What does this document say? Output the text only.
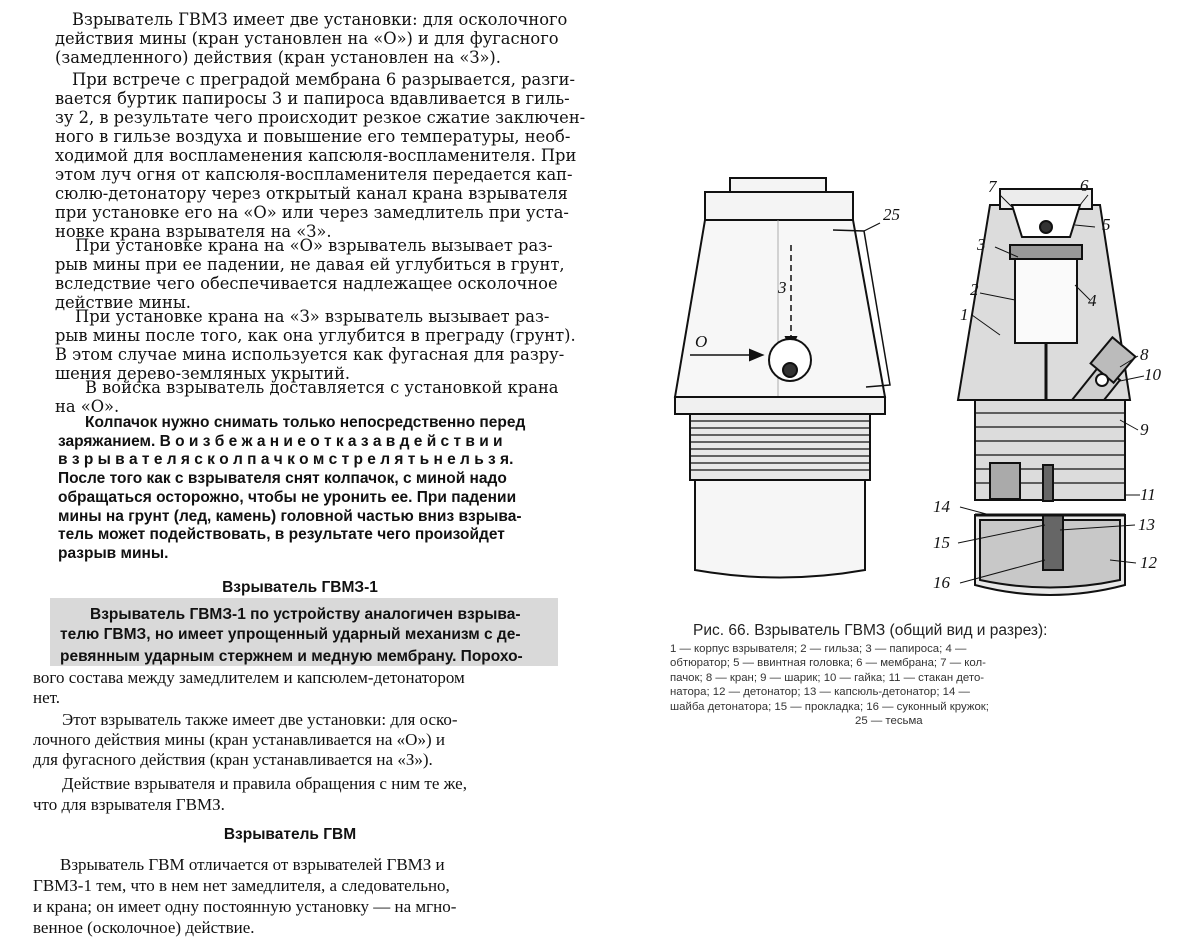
Взрыватель ГВМЗ имеет две установки: для осколочного
действия мины (кран установлен на «О») и для фугасного
(замедленного) действия (кран установлен на «З»).
При встрече с преградой мембрана 6 разрывается, разги-
вается буртик папиросы 3 и папироса вдавливается в гиль-
зу 2, в результате чего происходит резкое сжатие заключен-
ного в гильзе воздуха и повышение его температуры, необ-
ходимой для воспламенения капсюля-воспламенителя. При
этом луч огня от капсюля-воспламенителя передается кап-
сюлю-детонатору через открытый канал крана взрывателя
при установке его на «О» или через замедлитель при уста-
новке крана взрывателя на «З».
При установке крана на «О» взрыватель вызывает раз-
рыв мины при ее падении, не давая ей углубиться в грунт,
вследствие чего обеспечивается надлежащее осколочное
действие мины.
При установке крана на «З» взрыватель вызывает раз-
рыв мины после того, как она углубится в преграду (грунт).
В этом случае мина используется как фугасная для разру-
шения дерево-земляных укрытий.
В войска взрыватель доставляется с установкой крана
на «О».
Колпачок нужно снимать только непосредственно перед
заряжанием. В о и з б е ж а н и е о т к а з а в д е й с т в и и
в з р ы в а т е л я с к о л п а ч к о м с т р е л я т ь н е л ь з я.
После того как с взрывателя снят колпачок, с миной надо
обращаться осторожно, чтобы не уронить ее. При падении
мины на грунт (лед, камень) головной частью вниз взрыва-
тель может подействовать, в результате чего произойдет
разрыв мины.
Взрыватель ГВМЗ-1
Взрыватель ГВМЗ-1 по устройству аналогичен взрыва-
телю ГВМЗ, но имеет упрощенный ударный механизм с де-
ревянным ударным стержнем и медную мембрану. Порохо-
вого состава между замедлителем и капсюлем-детонатором
нет.
Этот взрыватель также имеет две установки: для оско-
лочного действия мины (кран устанавливается на «О») и
для фугасного действия (кран устанавливается на «З»).
Действие взрывателя и правила обращения с ним те же,
что для взрывателя ГВМЗ.
Взрыватель ГВМ
Взрыватель ГВМ отличается от взрывателей ГВМЗ и
ГВМЗ-1 тем, что в нем нет замедлителя, а следовательно,
и крана; он имеет одну постоянную установку — на мгно-
венное (осколочное) действие.
25
3
О
7	6
5
3
4
2
1
8
10
9
11
14
13
15
12
16
Рис. 66. Взрыватель ГВМЗ (общий вид и разрез):
1 — корпус взрывателя; 2 — гильза; 3 — папироса; 4 —
обтюратор; 5 — ввинтная головка; 6 — мембрана; 7 — кол-
пачок; 8 — кран; 9 — шарик; 10 — гайка; 11 — стакан дето-
натора; 12 — детонатор; 13 — капсюль-детонатор; 14 —
шайба детонатора; 15 — прокладка; 16 — суконный кружок;
25 — тесьма
